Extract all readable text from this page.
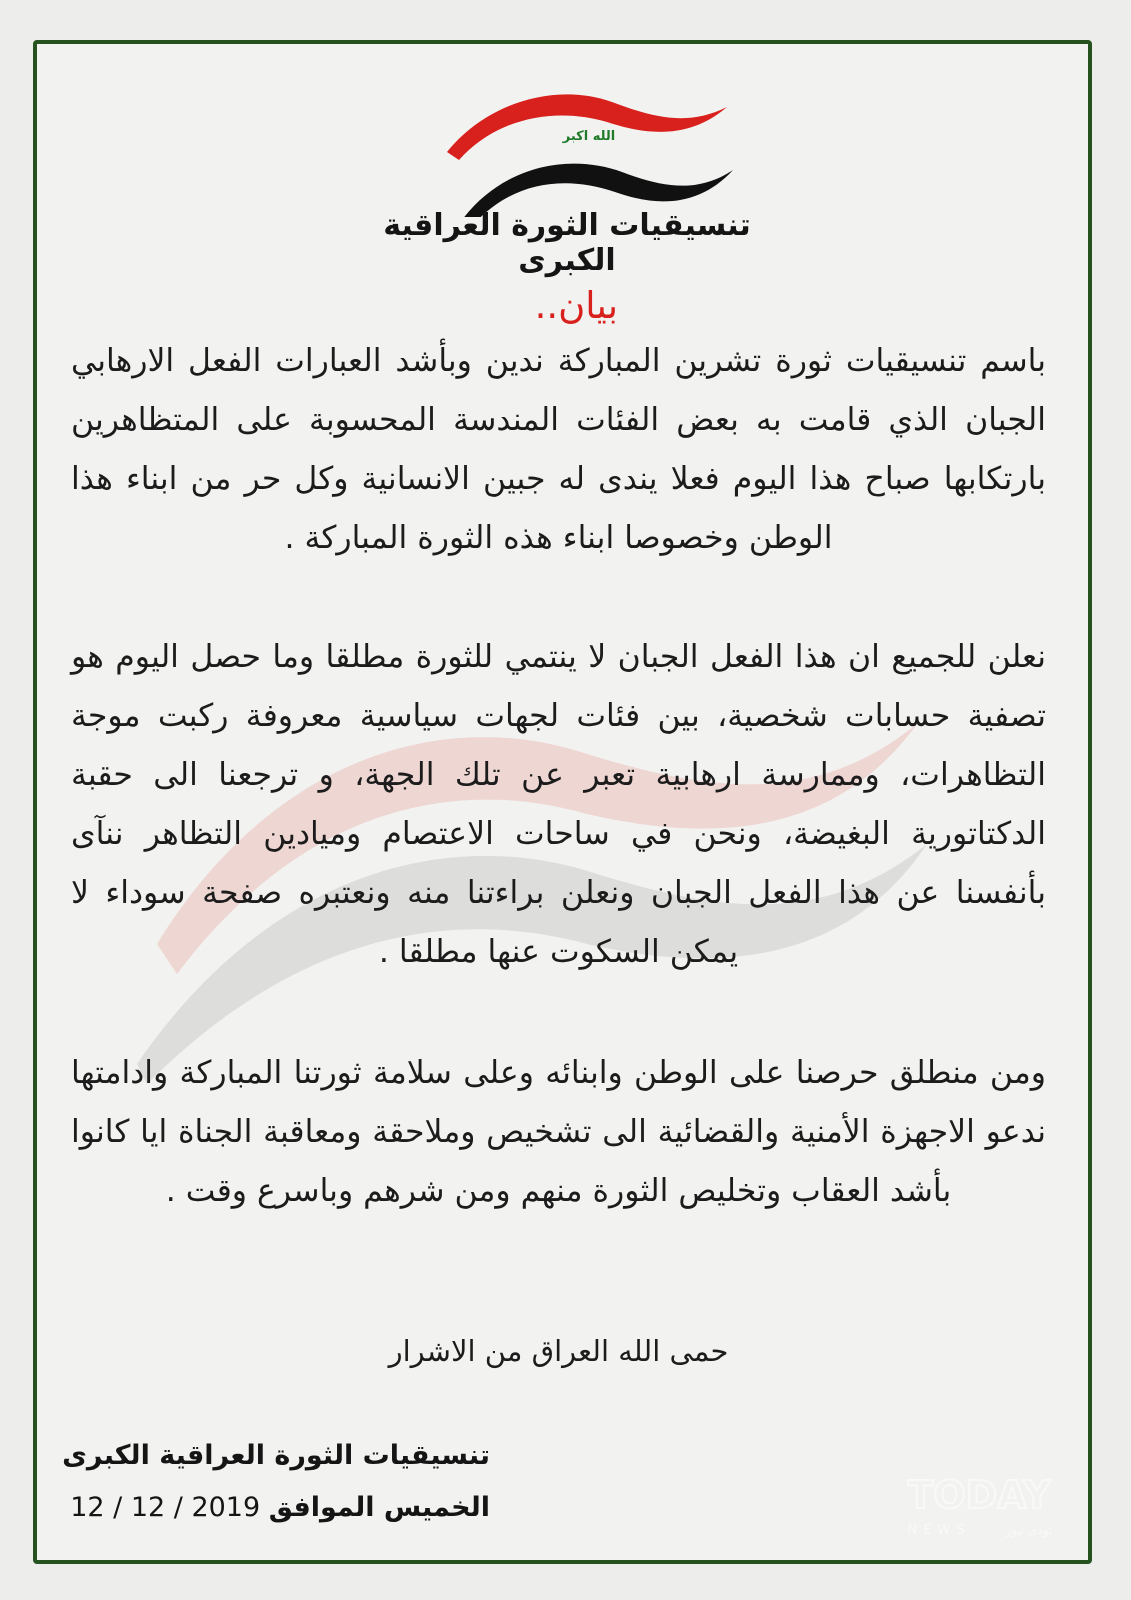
الله اكبر
تنسيقيات الثورة العراقية الكبرى
بيان..
باسم تنسيقيات ثورة تشرين المباركة ندين وبأشد العبارات الفعل الارهابي الجبان الذي قامت به بعض الفئات المندسة المحسوبة على المتظاهرين بارتكابها صباح هذا اليوم فعلا يندى له جبين الانسانية وكل حر من ابناء هذا الوطن وخصوصا ابناء هذه الثورة المباركة .
نعلن للجميع ان هذا الفعل الجبان لا ينتمي للثورة مطلقا وما حصل اليوم هو تصفية حسابات شخصية، بين فئات لجهات سياسية معروفة ركبت موجة التظاهرات، وممارسة ارهابية تعبر عن تلك الجهة، و ترجعنا الى حقبة الدكتاتورية البغيضة، ونحن في ساحات الاعتصام وميادين التظاهر ننآى بأنفسنا عن هذا الفعل الجبان ونعلن براءتنا منه ونعتبره صفحة سوداء لا يمكن السكوت عنها مطلقا .
ومن منطلق حرصنا على الوطن وابنائه وعلى سلامة ثورتنا المباركة وادامتها ندعو الاجهزة الأمنية والقضائية الى تشخيص وملاحقة ومعاقبة الجناة ايا كانوا بأشد العقاب وتخليص الثورة منهم ومن شرهم وباسرع وقت .
حمى الله العراق من الاشرار
تنسيقيات الثورة العراقية الكبرى
الخميس الموافق 12 / 12 / 2019	TODAY
NEWS	تودي نيوز
